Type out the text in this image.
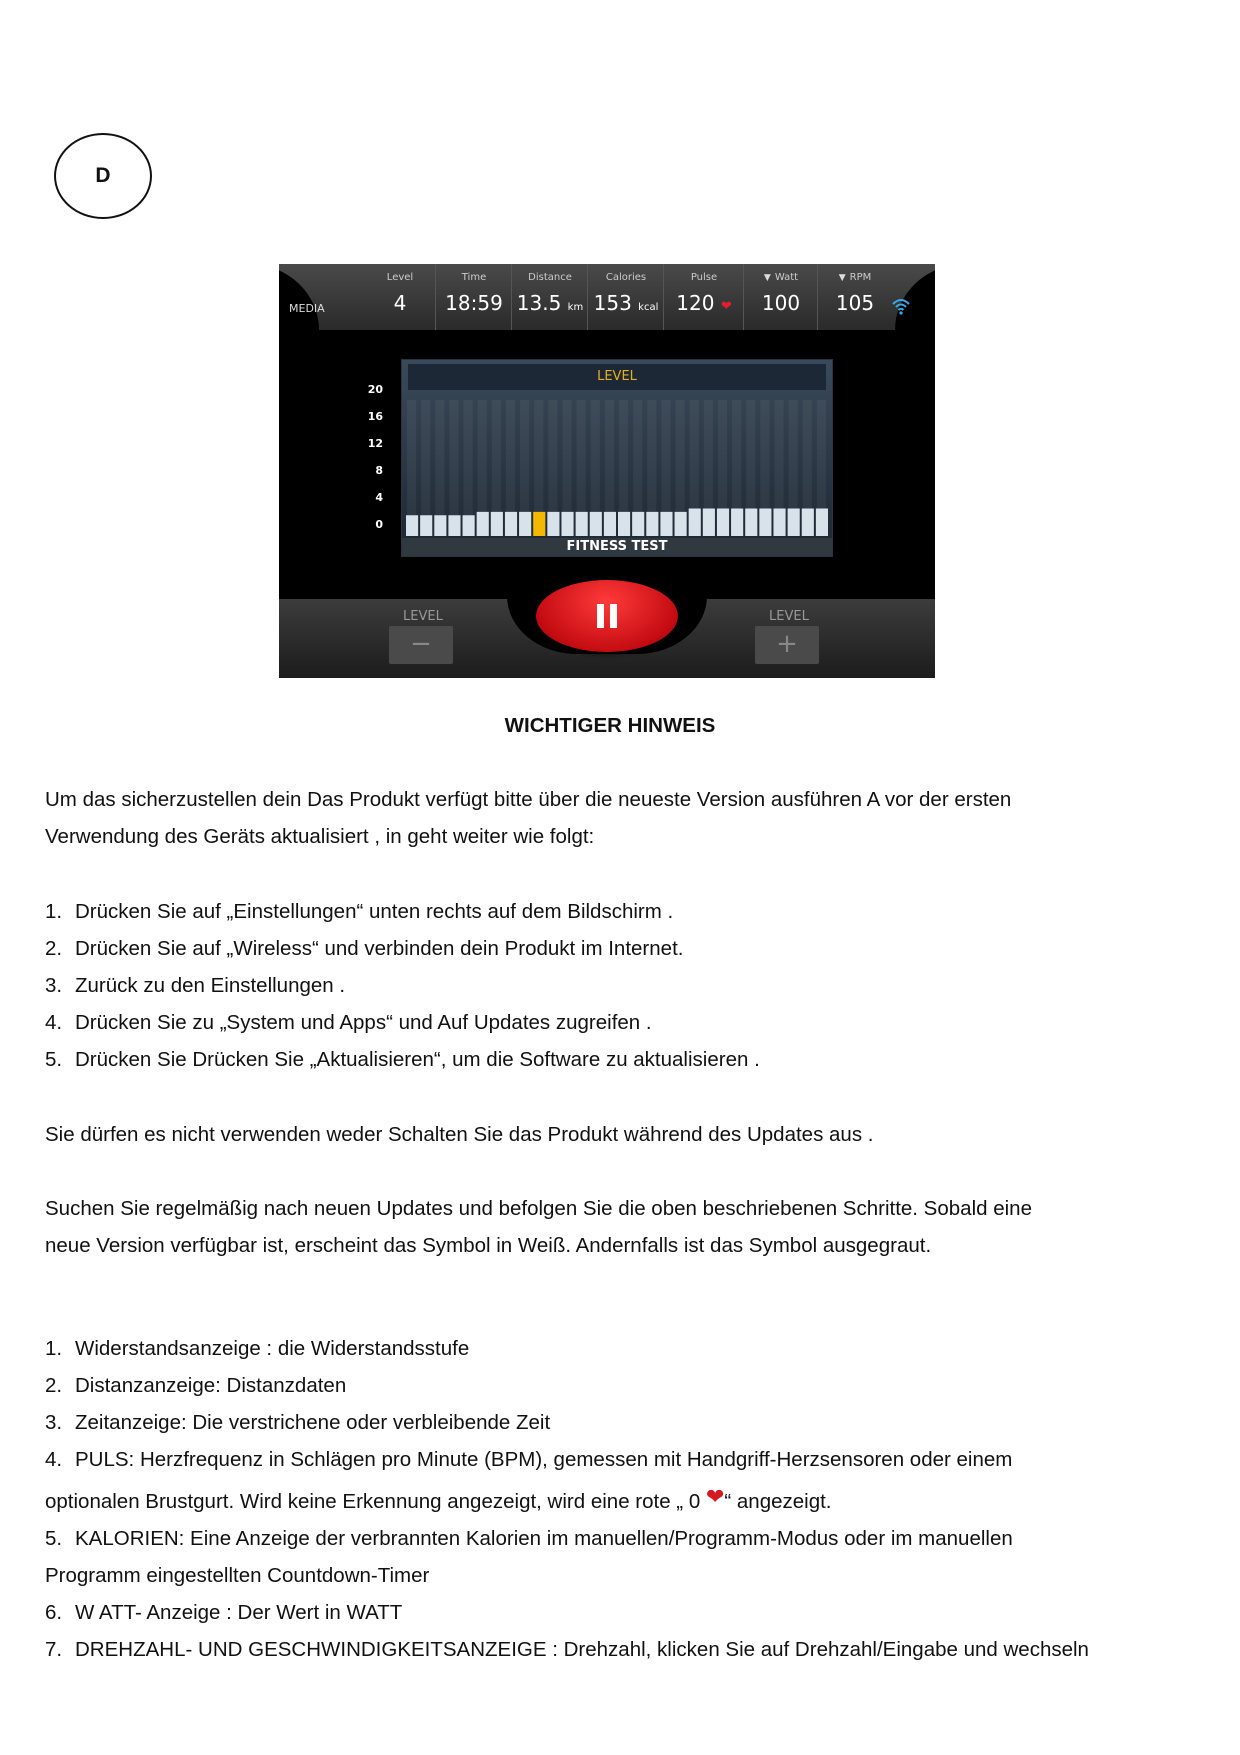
D
MEDIA
Level
4
Time
18:59
Distance
13.5 km
Calories
153 kcal
Pulse
120 ❤
▼ Watt
100
▼ RPM
105
20
16
12
8
4
0
LEVEL
FITNESS TEST
LEVEL
−
LEVEL
+
WICHTIGER HINWEIS
Um das sicherzustellen dein Das Produkt verfügt bitte über die neueste Version ausführen A vor der ersten
Verwendung des Geräts aktualisiert , in geht weiter wie folgt:
1. Drücken Sie auf „Einstellungen“ unten rechts auf dem Bildschirm .
2. Drücken Sie auf „Wireless“ und verbinden dein Produkt im Internet.
3. Zurück zu den Einstellungen .
4. Drücken Sie zu „System und Apps“ und Auf Updates zugreifen .
5. Drücken Sie Drücken Sie „Aktualisieren“, um die Software zu aktualisieren .
Sie dürfen es nicht verwenden weder Schalten Sie das Produkt während des Updates aus .
Suchen Sie regelmäßig nach neuen Updates und befolgen Sie die oben beschriebenen Schritte. Sobald eine
neue Version verfügbar ist, erscheint das Symbol in Weiß. Andernfalls ist das Symbol ausgegraut.
1. Widerstandsanzeige : die Widerstandsstufe
2. Distanzanzeige: Distanzdaten
3. Zeitanzeige: Die verstrichene oder verbleibende Zeit
4. PULS: Herzfrequenz in Schlägen pro Minute (BPM), gemessen mit Handgriff-Herzsensoren oder einem
optionalen Brustgurt. Wird keine Erkennung angezeigt, wird eine rote „ 0 ❤“ angezeigt.
5. KALORIEN: Eine Anzeige der verbrannten Kalorien im manuellen/Programm-Modus oder im manuellen
Programm eingestellten Countdown-Timer
6. W ATT- Anzeige : Der Wert in WATT
7. DREHZAHL- UND GESCHWINDIGKEITSANZEIGE : Drehzahl, klicken Sie auf Drehzahl/Eingabe und wechseln
